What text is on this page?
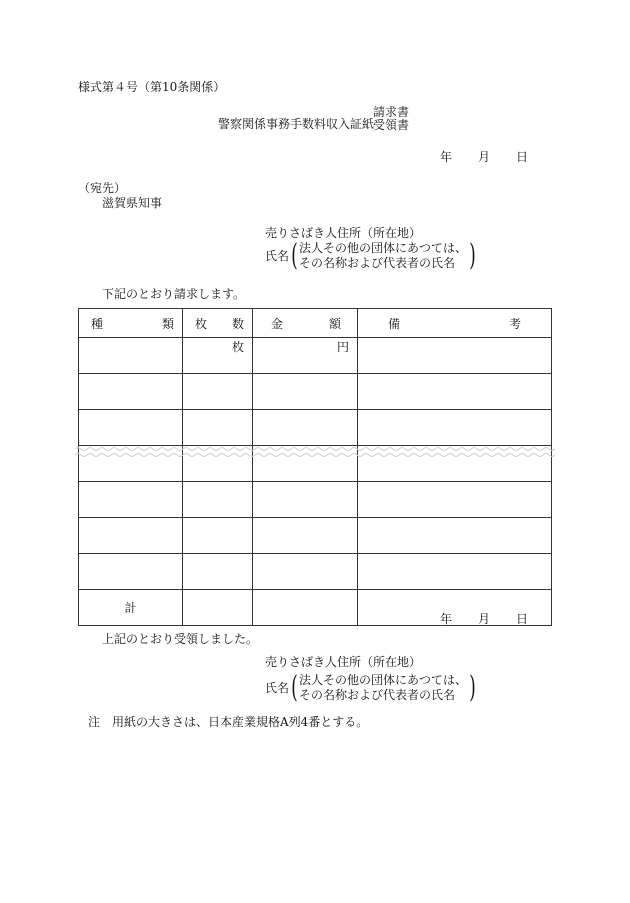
様式第４号（第10条関係）
警察関係事務手数料収入証紙
請求書
受領書
年 月 日
（宛先）
滋賀県知事
売りさばき人住所（所在地）
氏名 ( 法人その他の団体にあつては、
その名称および代表者の氏名 )
下記のとおり請求します。
種 類	枚 数	金 額	備 考

	枚	円	

計			
年 月 日
上記のとおり受領しました。
売りさばき人住所（所在地）
氏名 ( 法人その他の団体にあつては、
その名称および代表者の氏名 )
注　用紙の大きさは、日本産業規格A列4番とする。
